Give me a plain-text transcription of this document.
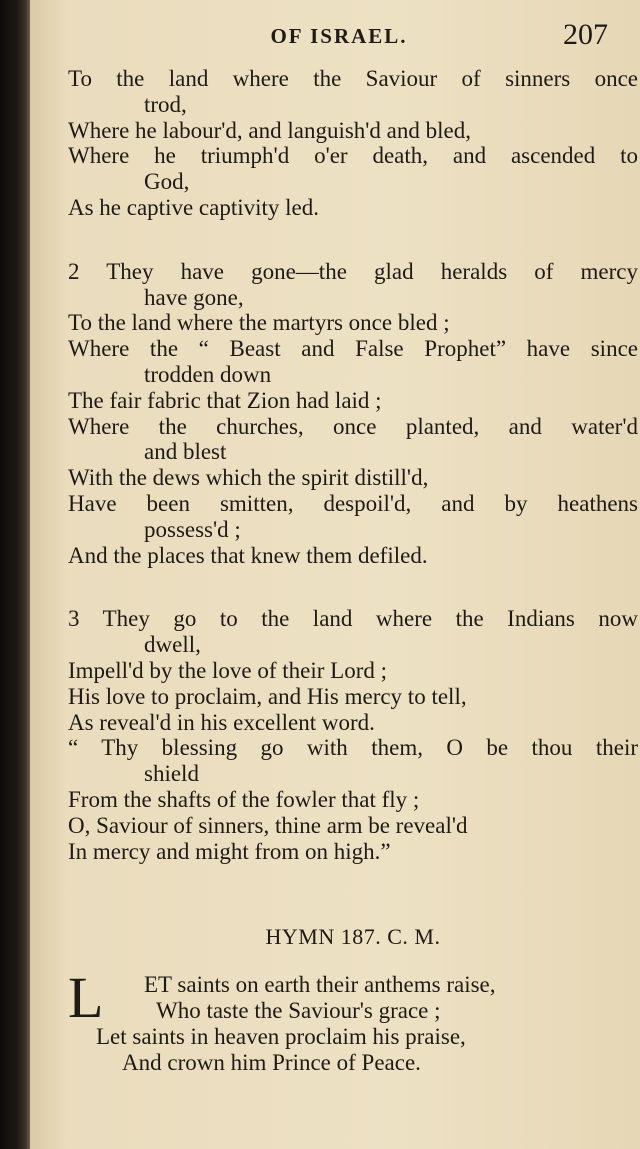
OF ISRAEL.	207
To the land where the Saviour of sinners once
trod,
Where he labour'd, and languish'd and bled,
Where he triumph'd o'er death, and ascended to
God,
As he captive captivity led.
2 They have gone—the glad heralds of mercy
have gone,
To the land where the martyrs once bled ;
Where the “ Beast and False Prophet” have since
trodden down
The fair fabric that Zion had laid ;
Where the churches, once planted, and water'd
and blest
With the dews which the spirit distill'd,
Have been smitten, despoil'd, and by heathens
possess'd ;
And the places that knew them defiled.
3 They go to the land where the Indians now
dwell,
Impell'd by the love of their Lord ;
His love to proclaim, and His mercy to tell,
As reveal'd in his excellent word.
“ Thy blessing go with them, O be thou their
shield
From the shafts of the fowler that fly ;
O, Saviour of sinners, thine arm be reveal'd
In mercy and might from on high.”
HYMN 187. C. M.
L	ET saints on earth their anthems raise,
Who taste the Saviour's grace ;
Let saints in heaven proclaim his praise,
And crown him Prince of Peace.
